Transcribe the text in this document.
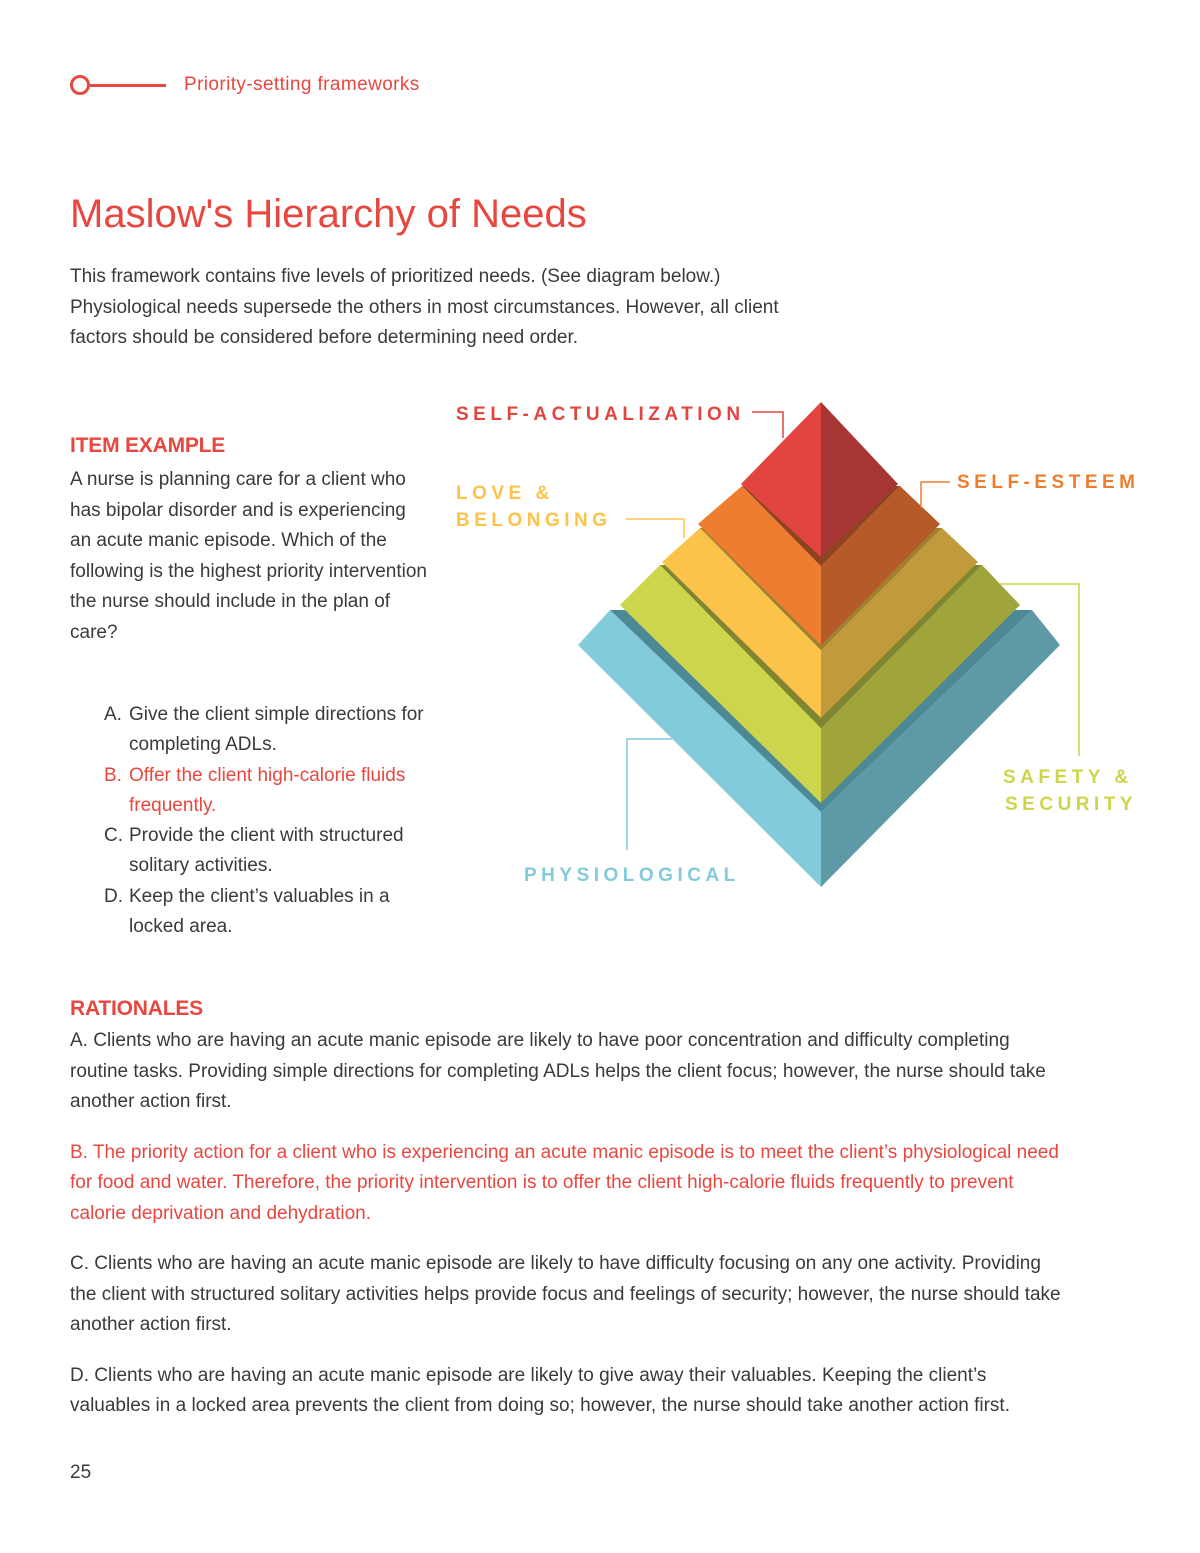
Priority-setting frameworks
Maslow's Hierarchy of Needs

This framework contains five levels of prioritized needs. (See diagram below.) Physiological needs supersede the others in most circumstances. However, all client factors should be considered before determining need order.

SELF-ACTUALIZATION
SELF-ESTEEM
LOVE &
BELONGING
SAFETY &
SECURITY
PHYSIOLOGICAL
ITEM EXAMPLE

A nurse is planning care for a client who has bipolar disorder and is experiencing an acute manic episode. Which of the following is the highest priority intervention the nurse should include in the plan of care?

A. Give the client simple directions for completing ADLs.
B. Offer the client high-calorie fluids frequently.
C. Provide the client with structured solitary activities.
D. Keep the client’s valuables in a locked area.
RATIONALES

A. Clients who are having an acute manic episode are likely to have poor concentration and difficulty completing routine tasks. Providing simple directions for completing ADLs helps the client focus; however, the nurse should take another action first.

B. The priority action for a client who is experiencing an acute manic episode is to meet the client’s physiological need for food and water. Therefore, the priority intervention is to offer the client high-calorie fluids frequently to prevent calorie deprivation and dehydration.

C. Clients who are having an acute manic episode are likely to have difficulty focusing on any one activity. Providing the client with structured solitary activities helps provide focus and feelings of security; however, the nurse should take another action first.

D. Clients who are having an acute manic episode are likely to give away their valuables. Keeping the client’s valuables in a locked area prevents the client from doing so; however, the nurse should take another action first.

25
